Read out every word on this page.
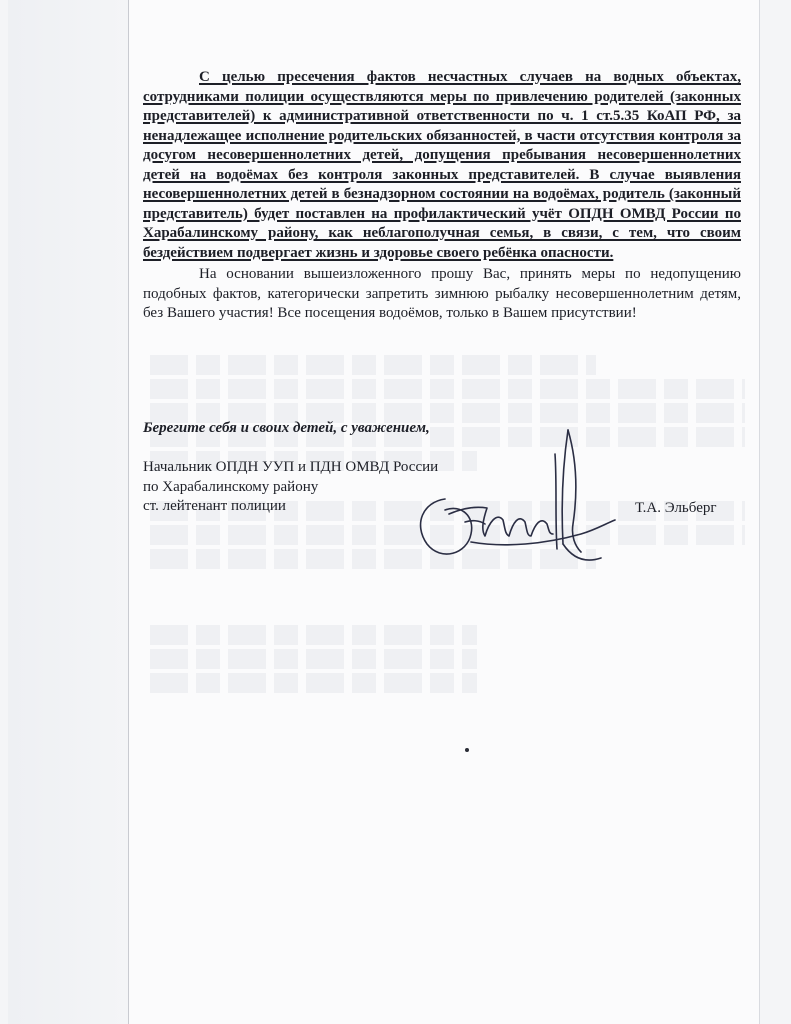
С целью пресечения фактов несчастных случаев на водных объектах, сотрудниками полиции осуществляются меры по привлечению родителей (законных представителей) к административной ответственности по ч. 1 ст.5.35 КоАП РФ, за ненадлежащее исполнение родительских обязанностей, в части отсутствия контроля за досугом несовершеннолетних детей, допущения пребывания несовершеннолетних детей на водоёмах без контроля законных представителей. В случае выявления несовершеннолетних детей в безнадзорном состоянии на водоёмах, родитель (законный представитель) будет поставлен на профилактический учёт ОПДН ОМВД России по Харабалинскому району, как неблагополучная семья, в связи, с тем, что своим бездействием подвергает жизнь и здоровье своего ребёнка опасности.

На основании вышеизложенного прошу Вас, принять меры по недопущению подобных фактов, категорически запретить зимнюю рыбалку несовершеннолетним детям, без Вашего участия! Все посещения водоёмов, только в Вашем присутствии!

Берегите себя и своих детей, с уважением,
Начальник ОПДН УУП и ПДН ОМВД России
по Харабалинскому району
ст. лейтенант полиции	Т.А. Эльберг
